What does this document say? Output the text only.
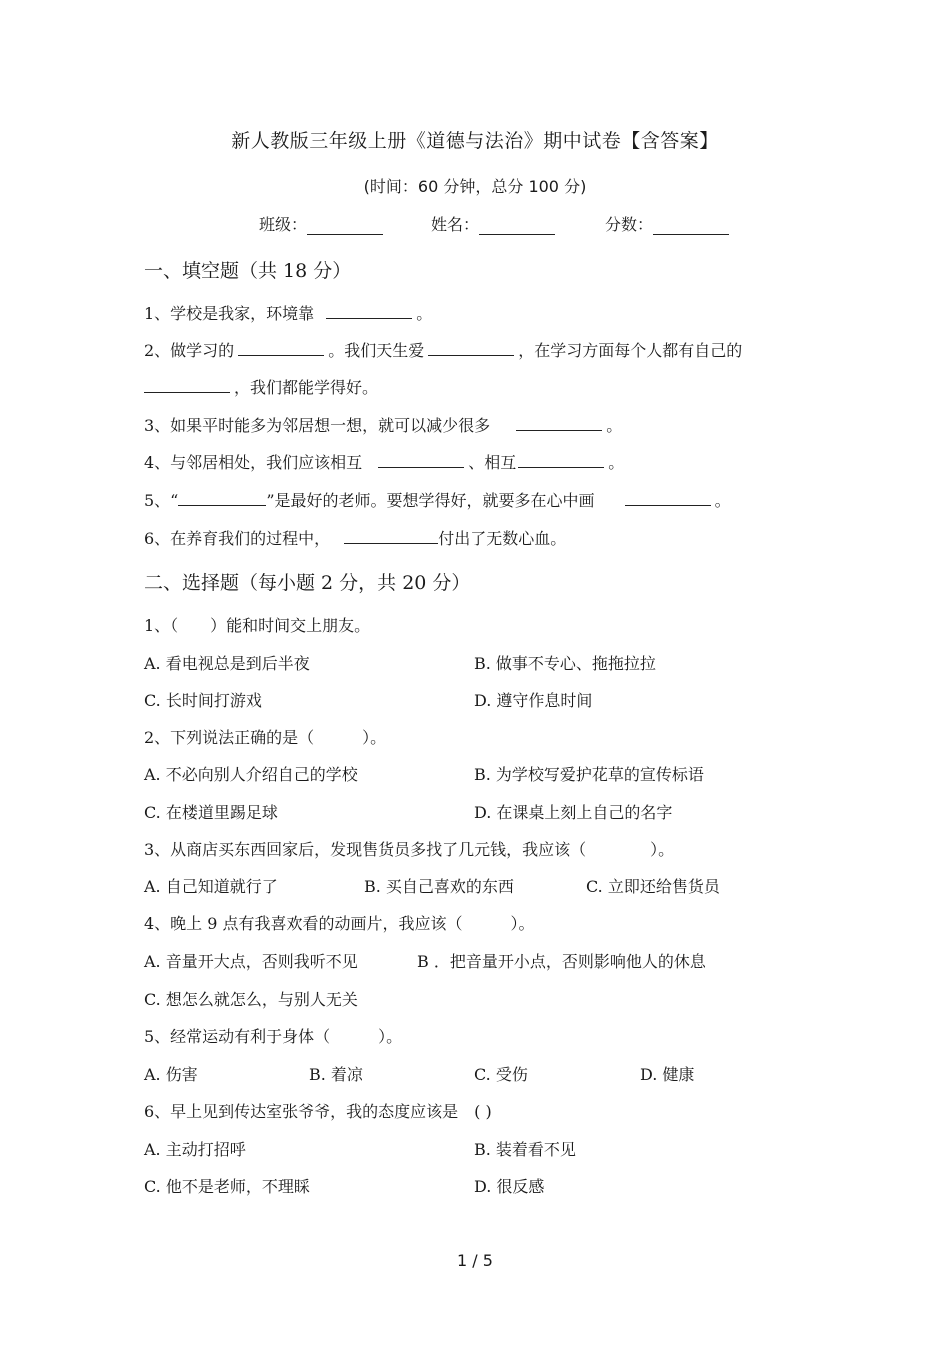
新人教版三年级上册《道德与法治》期中试卷【含答案】
(时间：60 分钟，总分 100 分)
班级：	姓名：	分数：
一、填空题（共 18 分）
1、学校是我家，环境靠	。
2、做学习的	。我们天生爱	，在学习方面每个人都有自己的
，我们都能学得好。
3、如果平时能多为邻居想一想，就可以减少很多	。
4、与邻居相处，我们应该相互	、相互	。
5、“	”是最好的老师。要想学得好，就要多在心中画	。
6、在养育我们的过程中，	付出了无数心血。
二、选择题（每小题 2 分，共 20 分）
1、（　　）能和时间交上朋友。
A. 看电视总是到后半夜	B. 做事不专心、拖拖拉拉
C. 长时间打游戏	D. 遵守作息时间
2、下列说法正确的是（　　　）。
A. 不必向别人介绍自己的学校	B. 为学校写爱护花草的宣传标语
C. 在楼道里踢足球	D. 在课桌上刻上自己的名字
3、从商店买东西回家后，发现售货员多找了几元钱，我应该（　　　　）。
A. 自己知道就行了	B. 买自己喜欢的东西	C. 立即还给售货员
4、晚上 9 点有我喜欢看的动画片，我应该（　　　）。
A. 音量开大点，否则我听不见	B ．把音量开小点，否则影响他人的休息
C. 想怎么就怎么，与别人无关
5、经常运动有利于身体（　　　）。
A. 伤害	B. 着凉	C. 受伤	D. 健康
6、早上见到传达室张爷爷，我的态度应该是　( )
A. 主动打招呼	B. 装着看不见
C. 他不是老师，不理睬	D. 很反感
1 / 5
